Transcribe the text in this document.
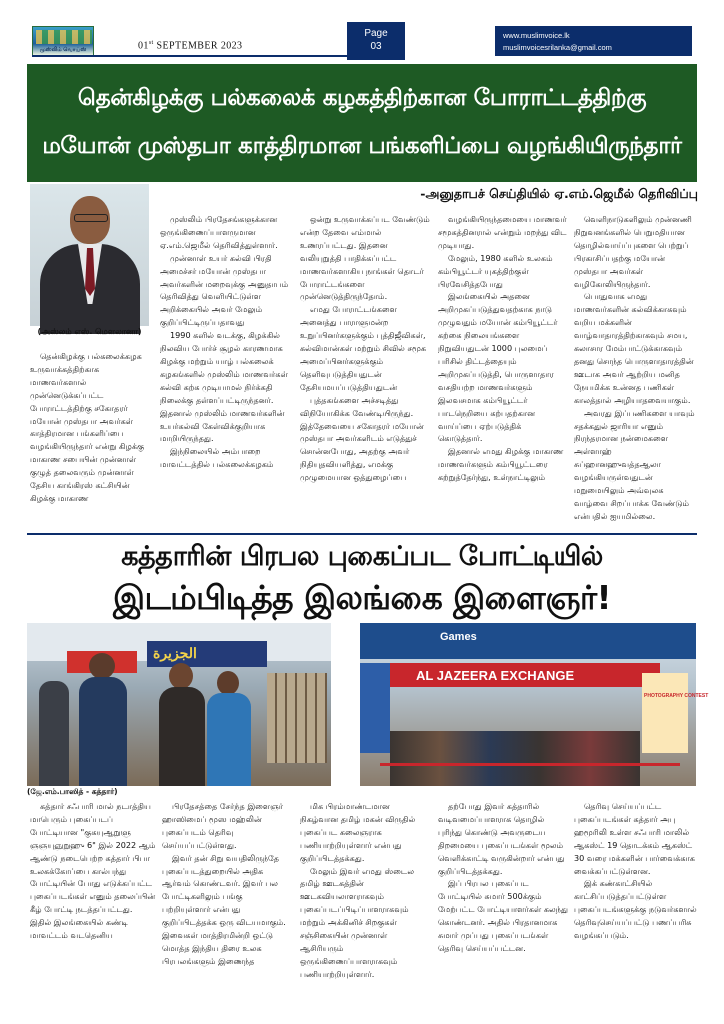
முஸ்லிம் வொய்ஸ்	01st SEPTEMBER 2023
Page
03
www.muslimvoice.lk
muslimvoicesrilanka@gmail.com
தென்கிழக்கு பல்கலைக் கழகத்திற்கான போராட்டத்திற்கு
மயோன் முஸ்தபா காத்திரமான பங்களிப்பை வழங்கியிருந்தார்
-அனுதாபச் செய்தியில் ஏ.எம்.ஜெமீல் தெரிவிப்பு
(அஸ்லம் எஸ். மௌலானா)

தென்கிழக்கு பல்கலைக்கழக உருவாக்கத்திற்காக மாணவர்களால் முன்னெடுக்கப்பட்ட போராட்டத்திற்கு சகோதரர் மயோன் முஸ்தபா அவர்கள் காத்திரமான பங்களிப்பை வழங்கியிருந்தார் என்று கிழக்கு மாகாண சபையின் முன்னாள் குழுத் தலைவரும் முன்னாள் தேசிய காங்கிரஸ் கட்சியின் கிழக்கு மாகாண

முஸ்லிம் பிரதேசங்களுக்கான ஒருங்கிணைப்பாளருமான ஏ.எம்.ஜெமீல் தெரிவித்துள்ளார்.

முன்னாள் உயர் கல்வி பிரதி அமைச்சர் மயோன் முஸ்தபா அவர்களின் மறைவுக்கு அனுதாபம் தெரிவித்து வெளியிட்டுள்ள அறிக்கையில் அவர் மேலும் குறிப்பிட்டிருப்பதாவது

1990 களில் வடக்கு, கிழக்கில் நிலவிய போர்ச் சூழல் காரணமாக கிழக்கு மற்றும் யாழ் பல்கலைக் கழகங்களில் முஸ்லிம் மாணவர்கள் கல்வி கற்க முடியாமல் நிர்க்கதி நிலைக்கு தள்ளப்பட்டிருந்தனர். இதனால் முஸ்லிம் மாணவர்களின் உயர்கல்வி கேள்விக்குறியாக மாறியிருந்தது.

இந்நிலையில் அம்பாறை மாவட்டத்தில் பல்கலைக்கழகம்

ஒன்று உருவாக்கப்பட வேண்டும் என்ற தேவை எம்மால் உணரப்பட்டது. இதனை வலியுறுத்தி பாதிக்கப்பட்ட மாணவர்களாகிய நாங்கள் தொடர் போராட்டங்களை முன்னெடுத்திருந்தோம்.

எமது போராட்டங்களை அனைத்து பாராளுமன்ற உறுப்பினர்களுக்கும் புத்திஜீவிகள், கல்விமான்கள் மற்றும் சிவில் சமூக அமைப்பினர்களுக்கும் தெளிவுபடுத்தியதுடன் தேசியமயப்படுத்தியதுடன்

புத்தகங்களை அச்சடித்து விநியோகிக்க வேண்டியிருந்து. இத்தேவையை சகோதரர் மயோன் முஸ்தபா அவர்களிடம் எடுத்துச் சொன்னபோது, அதற்கு அவர் நிதியுதவியளித்து, எமக்கு முழுமையான ஒத்துழைப்பை

வழங்கியிருந்தமையை மாணவர் சமூகத்தினரால் என்றும் மறந்து விட முடியாது.

மேலும், 1980 களில் உலகம் கம்பியூட்டர் யுகத்திற்குள் பிரவேசித்தபோது

இலங்கையில் அதனை அறிமுகப்படுத்துவதற்காக நாடு முழுவதும் மயோன் கம்பியூட்டர் கற்கை நிலையங்களை நிறுவியதுடன் 1000 புலமைப் பரிசில் திட்டத்தையும் அறிமுகப்படுத்தி, பொருளாதார வசதியற்ற மாணவர்களும் இலவசமாக கம்பியூட்டர் பாடநெறியை கற்பதற்கான வாய்ப்பை ஏற்படுத்திக் கொடுத்தார்.

இதனால் எமது கிழக்கு மாகாண மாணவர்களும் கம்பியூட்டரை கற்றுத்தேர்ந்து, உள்நாட்டிலும்

வெளிநாடுகளிலும் முன்னணி நிறுவனங்களில் பெறுமதியான தொழில்வாய்ப்புகளை பெற்றுப் பிரகாசிப்பதற்கு மயோன் முஸ்தபா அவர்கள் வழிகோலியிருந்தார்.

பொதுவாக எமது மாணவர்களின் கல்விக்காகவும் வறிய மக்களின் வாழ்வாதாரத்திற்காகவும் சமய, கலாசார மேம்பாட்டுக்காகவும் தனது சொந்த பொருளாதாரத்தின் ஊடாக அவர் ஆற்றிய மனித நேயமிக்க உன்னத பணிகள் காலத்தால் அழியாதவையாகும்.

அவரது இப்பணிகளை யாவும் சதக்கதுல் ஜாரியா எனும் நிரந்தரமான நன்மைகளை அள்ளாஹ் சுப்ஹானஹுவத்தஆலா வழங்கியருள்வதுடன் மறுமையிலும் அவ்வுலக வாழ்வை சிறப்பாக்க வேண்டும் என்பதில் ஐயமில்லை.

கத்தாரின் பிரபல புகைப்பட போட்டியில்
இடம்பிடித்த இலங்கை இளைஞர்!
الجزيرة
Games
AL JAZEERA EXCHANGE
PHOTOGRAPHY CONTEST
(ஜே.எம்.பாஸித் - கத்தார்)

கத்தார் சஃபாரி மால் நடாத்திய மாபெரும் புகைப்படப் போட்டியான "குகயுஆறுளு ஞஞயுஞுறுஹு 6" இல் 2022 ஆம் ஆண்டு நடைபெற்ற கத்தார் பிபா உலகக்கோப்பை கால்பந்து போட்டியின் போது எடுக்கப்பட்ட புகைப்படங்கள் எனும் தலைப்பின் கீழ் போட்டி நடத்தப்பட்டது. இதில் இலங்கையில் கண்டி மாவட்டம் வடதெனிய

பிரதேசத்தை சேர்ந்த இளைஞர் ஹாஸிமைப் மூஸ மஹ்லின் புகைப்படம் தெரிவு செய்யப்பட்டுள்ளது.

இவர் தன் சிறு வயதிலிருந்தே புகைப்படத்துறையில் அதிக ஆர்வம் கொண்டவர். இவர் பல போட்டிகளிலும் பங்கு பற்றியுள்ளார் என்பது குறிப்பிடத்தக்க ஒரு விடயமாகும். இவைகள் மாத்திரமின்றி ஒட்டு மொத்த இந்திய திரை உலக பிரபலங்களும் இணைந்த

மிக பிரம்மாண்டமான நிகழ்வான தமிழ் மகன் விருதில் புகைப்பட கலைஞராக பணியாற்றியுள்ளார் என்பது குறிப்பிடத்தக்கது.

மேலும் இவர் எமது ஸ்டைல தமிழ் ஊடகத்தின் ஊடகவியலாளராகவும் புகைப்படப்பிடிப்பாளராகவும் மற்றும் அக்கினிச் சிறகுகள் சஞ்சிகையின் முன்னாள் ஆசிரியரும் ஒருங்கிணைப்பாளராகவும் பணியாற்றியுள்ளார்.

தற்போது இவர் கத்தாரில் வடிவமைப்பாளராக தொழில் புரிந்து கொண்டு அவருடைய திறமையை புகைப்படங்கள் மூலம் வெளிக்காட்டி வருகின்றார் என்பது குறிப்பிடத்தக்கது.

இப் பிரபல புகைப்பட போட்டியில் சுமார் 500க்கும் மேற்பட்ட போட்டியாளர்கள் கலந்து கொண்டனர். அதில் பிரதானமாக சுமார் முப்பது புகைப்படங்கள் தெரிவு செய்யப்பட்டன.

தெரிவு செய்யப்பட்ட புகைப்படங்கள் கத்தார் அபு ஹமூரிலி உள்ள சஃபாரி மாலில் ஆகஸ்ட் 19 தொடக்கம் ஆகஸ்ட் 30 வரை மக்களின் பார்வைக்காக வைக்கப்பட்டுள்ளன.

இக் கண்காட்சியில் காட்சிப்படுத்தப்பட்டுள்ள புகைப்படங்களுக்கு நடுவர்களால் தெரிவுசெய்யப்பட்டு பணப்பரிசு வழங்கப்படும்.
